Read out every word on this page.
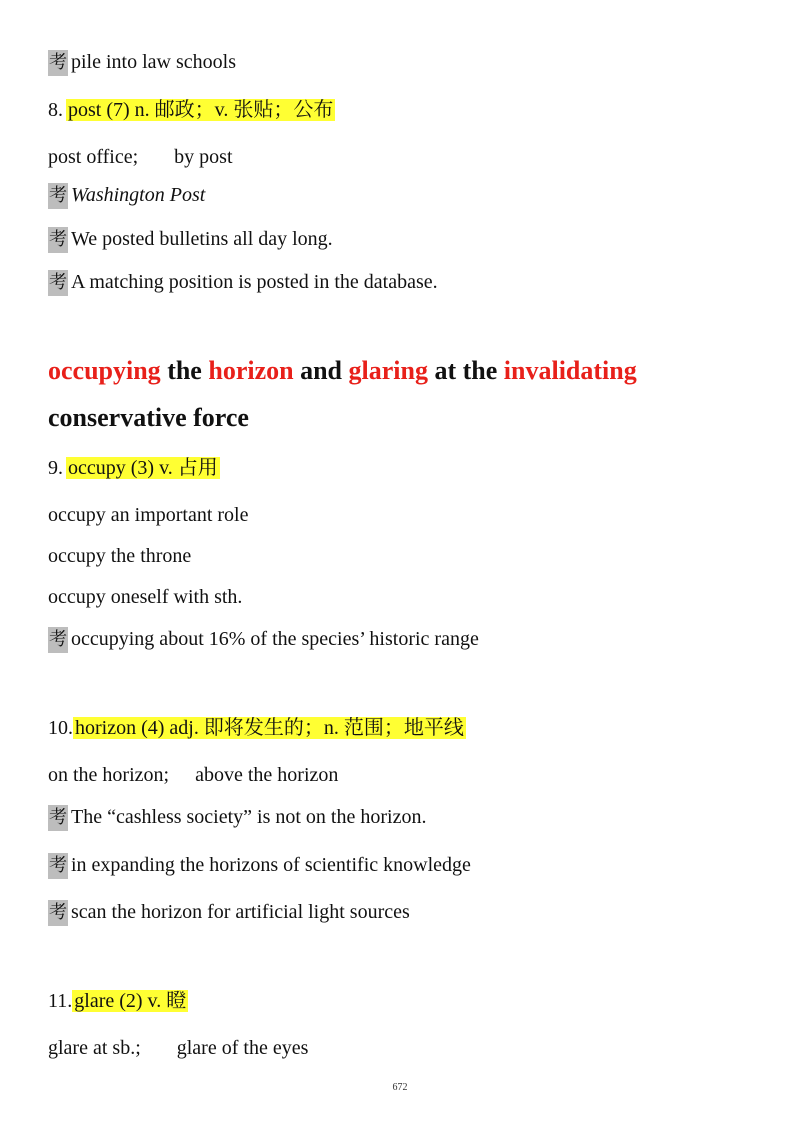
考 pile into law schools
8. post (7) n. 邮政；v. 张贴；公布
post office; by post
考 Washington Post
考 We posted bulletins all day long.
考 A matching position is posted in the database.
occupying the horizon and glaring at the invalidating
conservative force
9. occupy (3) v. 占用
occupy an important role
occupy the throne
occupy oneself with sth.
考 occupying about 16% of the species’ historic range
10. horizon (4) adj. 即将发生的；n. 范围；地平线
on the horizon; above the horizon
考 The “cashless society” is not on the horizon.
考 in expanding the horizons of scientific knowledge
考 scan the horizon for artificial light sources
11. glare (2) v. 瞪
glare at sb.; glare of the eyes
672
